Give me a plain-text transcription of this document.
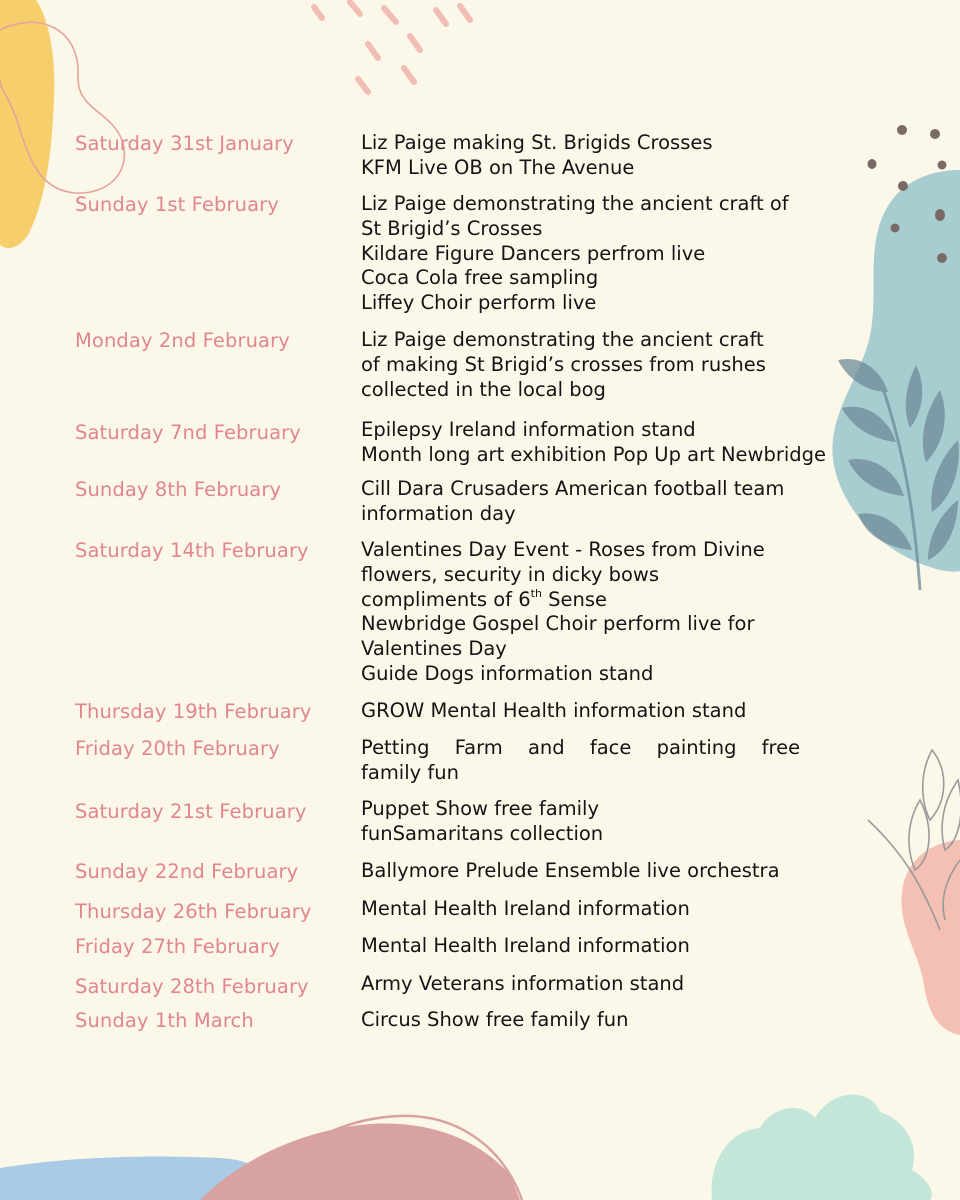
Saturday 31st January	Liz Paige making St. Brigids Crosses
KFM Live OB on The Avenue
Sunday 1st February	Liz Paige demonstrating the ancient craft of
St Brigid’s Crosses
Kildare Figure Dancers perfrom live
Coca Cola free sampling
Liffey Choir perform live
Monday 2nd February	Liz Paige demonstrating the ancient craft
of making St Brigid’s crosses from rushes
collected in the local bog
Saturday 7nd February	Epilepsy Ireland information stand
Month long art exhibition Pop Up art Newbridge
Sunday 8th February	Cill Dara Crusaders American football team
information day
Saturday 14th February	Valentines Day Event - Roses from Divine
flowers, security in dicky bows
compliments of 6th Sense
Newbridge Gospel Choir perform live for
Valentines Day
Guide Dogs information stand
Thursday 19th February	GROW Mental Health information stand
Friday 20th February	Petting Farm and face painting free
family fun
Saturday 21st February	Puppet Show free family
funSamaritans collection
Sunday 22nd February	Ballymore Prelude Ensemble live orchestra
Thursday 26th February	Mental Health Ireland information
Friday 27th February	Mental Health Ireland information
Saturday 28th February	Army Veterans information stand
Sunday 1th March	Circus Show free family fun
